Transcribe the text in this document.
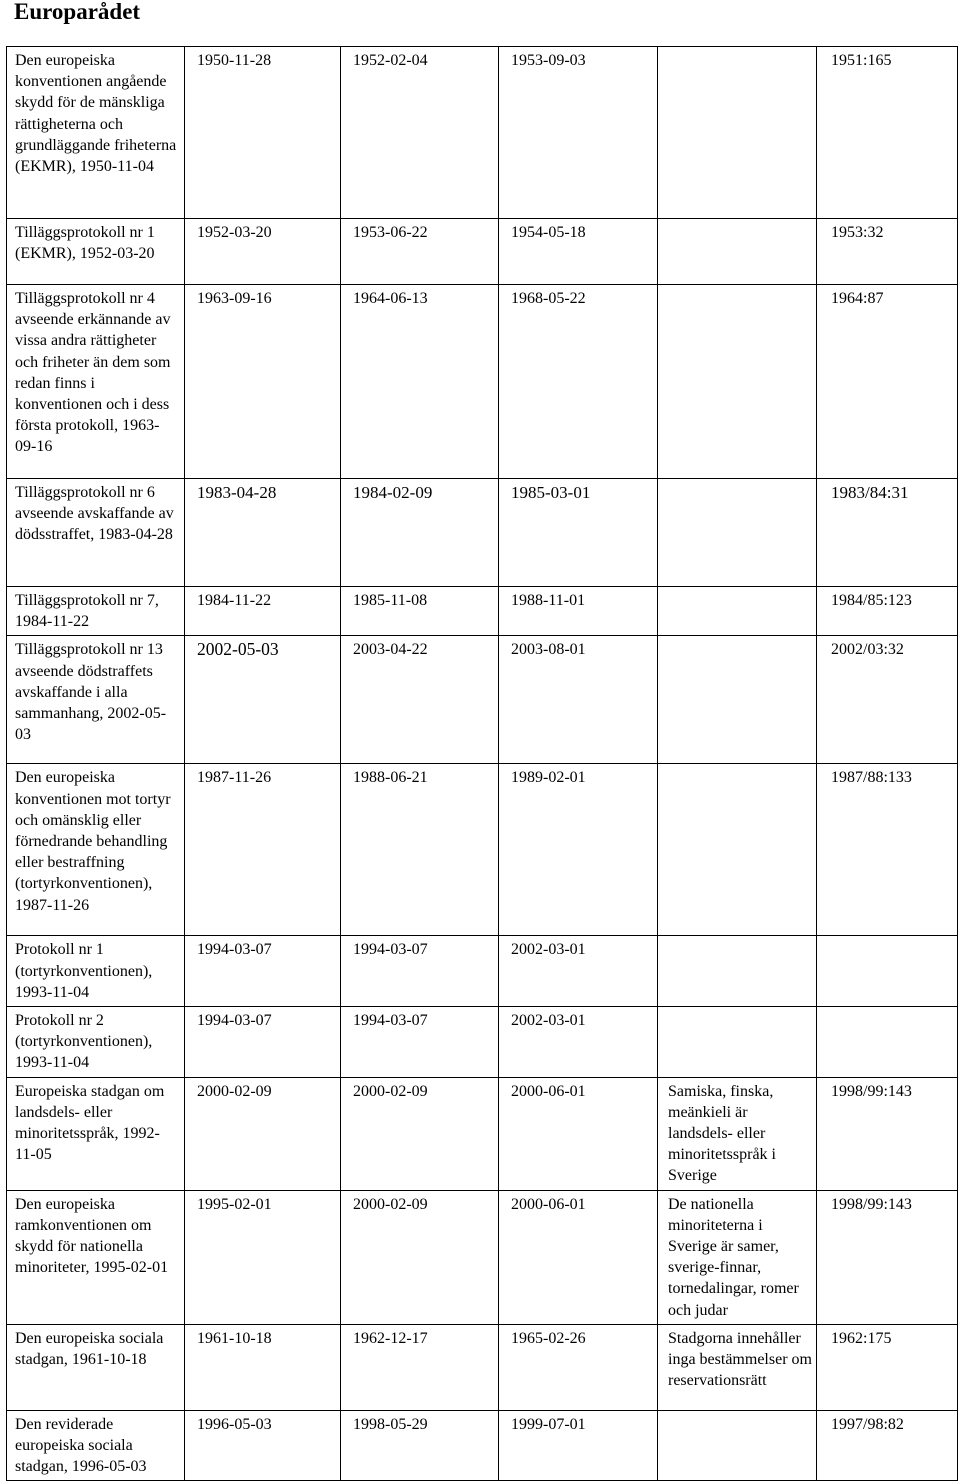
Europarådet
Den europeiska konventionen angående skydd för de mänskliga rättigheterna och grundläggande friheterna (EKMR), 1950-11-04	1950-11-28	1952-02-04	1953-09-03		1951:165
Tilläggsprotokoll nr 1 (EKMR), 1952-03-20	1952-03-20	1953-06-22	1954-05-18		1953:32
Tilläggsprotokoll nr 4 avseende erkännande av vissa andra rättigheter och friheter än dem som redan finns i konventionen och i dess första protokoll, 1963-09-16	1963-09-16	1964-06-13	1968-05-22		1964:87
Tilläggsprotokoll nr 6 avseende avskaffande av dödsstraffet, 1983-04-28	1983-04-28	1984-02-09	1985-03-01		1983/84:31
Tilläggsprotokoll nr 7, 1984-11-22	1984-11-22	1985-11-08	1988-11-01		1984/85:123
Tilläggsprotokoll nr 13 avseende dödstraffets avskaffande i alla sammanhang, 2002-05-03	2002-05-03	2003-04-22	2003-08-01		2002/03:32
Den europeiska konventionen mot tortyr och omänsklig eller förnedrande behandling eller bestraffning (tortyrkonventionen), 1987-11-26	1987-11-26	1988-06-21	1989-02-01		1987/88:133
Protokoll nr 1 (tortyrkonventionen), 1993-11-04	1994-03-07	1994-03-07	2002-03-01		
Protokoll nr 2 (tortyrkonventionen), 1993-11-04	1994-03-07	1994-03-07	2002-03-01		
Europeiska stadgan om landsdels- eller minoritetsspråk, 1992-11-05	2000-02-09	2000-02-09	2000-06-01	Samiska, finska, meänkieli är landsdels- eller minoritetsspråk i Sverige	1998/99:143
Den europeiska ramkonventionen om skydd för nationella minoriteter, 1995-02-01	1995-02-01	2000-02-09	2000-06-01	De nationella minoriteterna i Sverige är samer, sverige-finnar, tornedalingar, romer och judar	1998/99:143
Den europeiska sociala stadgan, 1961-10-18	1961-10-18	1962-12-17	1965-02-26	Stadgorna innehåller inga bestämmelser om reservationsrätt	1962:175
Den reviderade europeiska sociala stadgan, 1996-05-03	1996-05-03	1998-05-29	1999-07-01		1997/98:82
